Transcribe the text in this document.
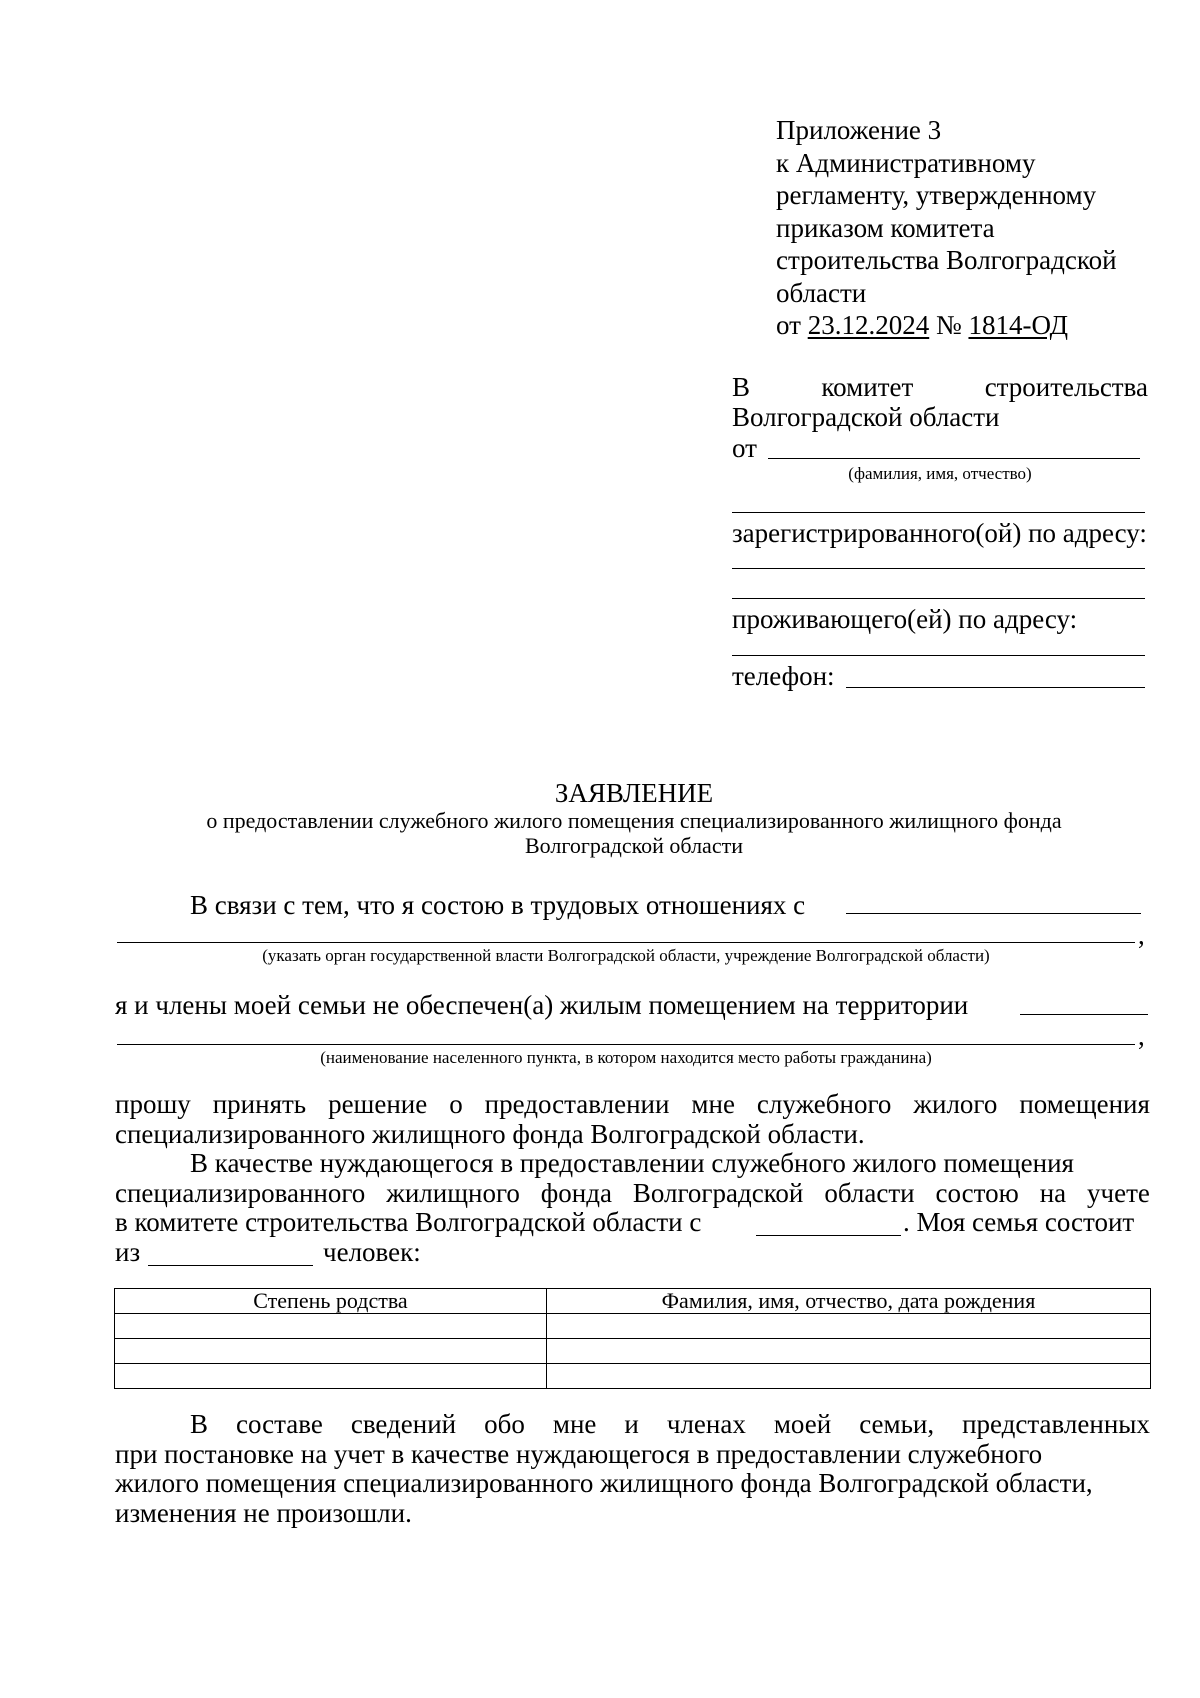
Приложение 3
к Административному
регламенту, утвержденному
приказом комитета
строительства Волгоградской
области
от 23.12.2024 № 1814-ОД
В	комитет	строительства
Волгоградской области
от
(фамилия, имя, отчество)
зарегистрированного(ой) по адресу:
проживающего(ей) по адресу:
телефон:
ЗАЯВЛЕНИЕ
о предоставлении служебного жилого помещения специализированного жилищного фонда
Волгоградской области
В связи с тем, что я состою в трудовых отношениях с
,
(указать орган государственной власти Волгоградской области, учреждение Волгоградской области)
я и члены моей семьи не обеспечен(а) жилым помещением на территории
,
(наименование населенного пункта, в котором находится место работы гражданина)
прошу принять решение о предоставлении мне служебного жилого помещения
специализированного жилищного фонда Волгоградской области.
В качестве нуждающегося в предоставлении служебного жилого помещения
специализированного жилищного фонда Волгоградской области состою на учете
в комитете строительства Волгоградской области с	. Моя семья состоит
из	человек:
Степень родства	Фамилия, имя, отчество, дата рождения

В составе сведений обо мне и членах моей семьи, представленных
при постановке на учет в качестве нуждающегося в предоставлении служебного
жилого помещения специализированного жилищного фонда Волгоградской области,
изменения не произошли.
